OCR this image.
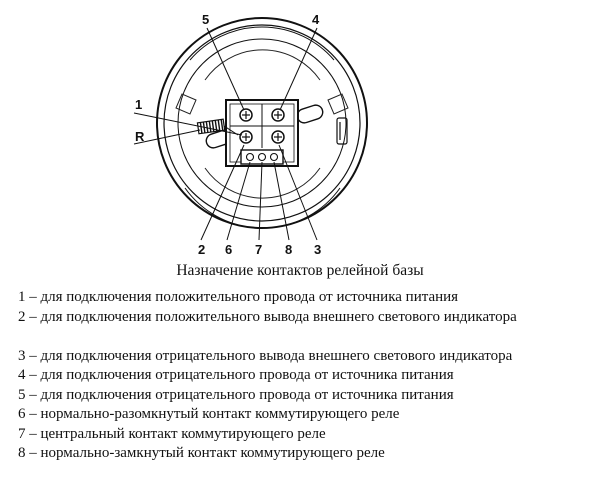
1
R
5	4
2 6 7 8 3
Назначение контактов релейной базы
1 – для подключения положительного провода от источника питания
2 – для подключения положительного вывода внешнего светового индикатора
3 – для подключения отрицательного вывода внешнего светового индикатора
4 – для подключения отрицательного провода от источника питания
5 – для подключения отрицательного провода от источника питания
6 – нормально-разомкнутый контакт коммутирующего реле
7 – центральный контакт коммутирующего реле
8 – нормально-замкнутый контакт коммутирующего реле
